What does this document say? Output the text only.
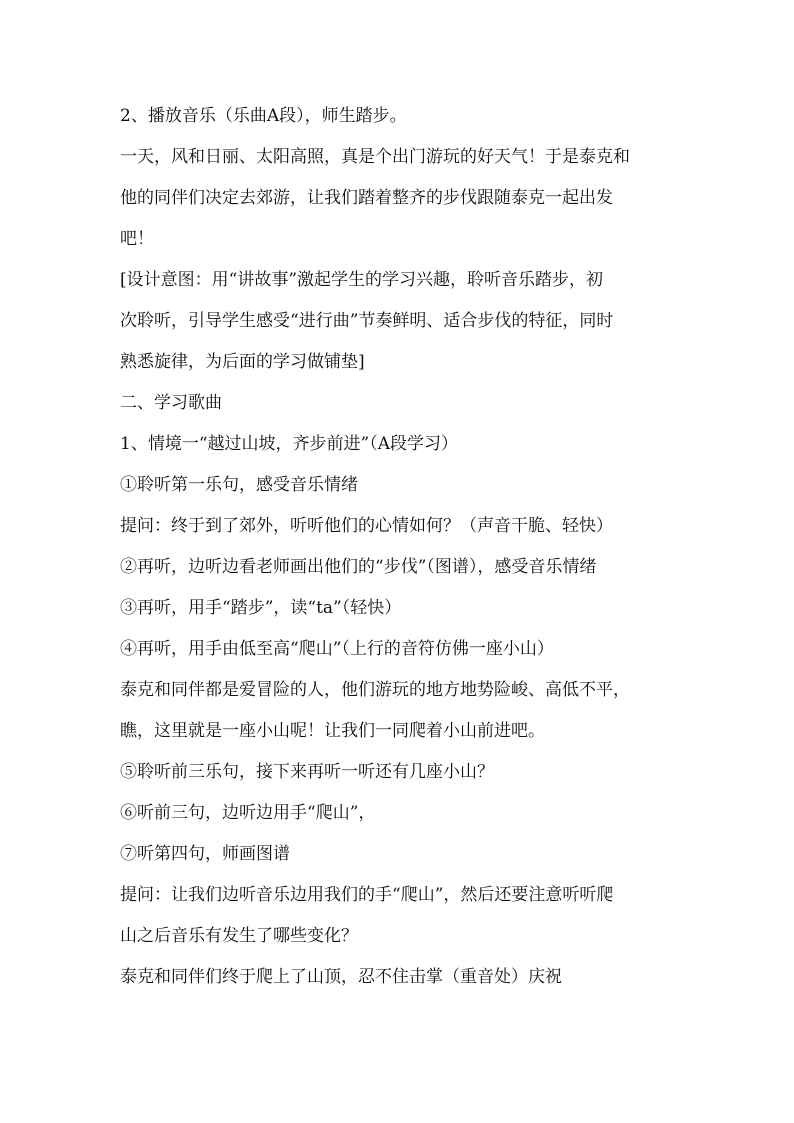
2、播放音乐（乐曲A段），师生踏步。
一天，风和日丽、太阳高照，真是个出门游玩的好天气！于是泰克和
他的同伴们决定去郊游，让我们踏着整齐的步伐跟随泰克一起出发
吧！
[设计意图：用“讲故事”激起学生的学习兴趣，聆听音乐踏步，初
次聆听，引导学生感受“进行曲”节奏鲜明、适合步伐的特征，同时
熟悉旋律，为后面的学习做铺垫]
二、学习歌曲
1、情境一“越过山坡，齐步前进”（A段学习）
①聆听第一乐句，感受音乐情绪
提问：终于到了郊外，听听他们的心情如何？（声音干脆、轻快）
②再听，边听边看老师画出他们的“步伐”（图谱），感受音乐情绪
③再听，用手“踏步”，读“ta”（轻快）
④再听，用手由低至高“爬山”（上行的音符仿佛一座小山）
泰克和同伴都是爱冒险的人，他们游玩的地方地势险峻、高低不平，
瞧，这里就是一座小山呢！让我们一同爬着小山前进吧。
⑤聆听前三乐句，接下来再听一听还有几座小山？
⑥听前三句，边听边用手“爬山”，
⑦听第四句，师画图谱
提问：让我们边听音乐边用我们的手“爬山”，然后还要注意听听爬
山之后音乐有发生了哪些变化？
泰克和同伴们终于爬上了山顶，忍不住击掌（重音处）庆祝
